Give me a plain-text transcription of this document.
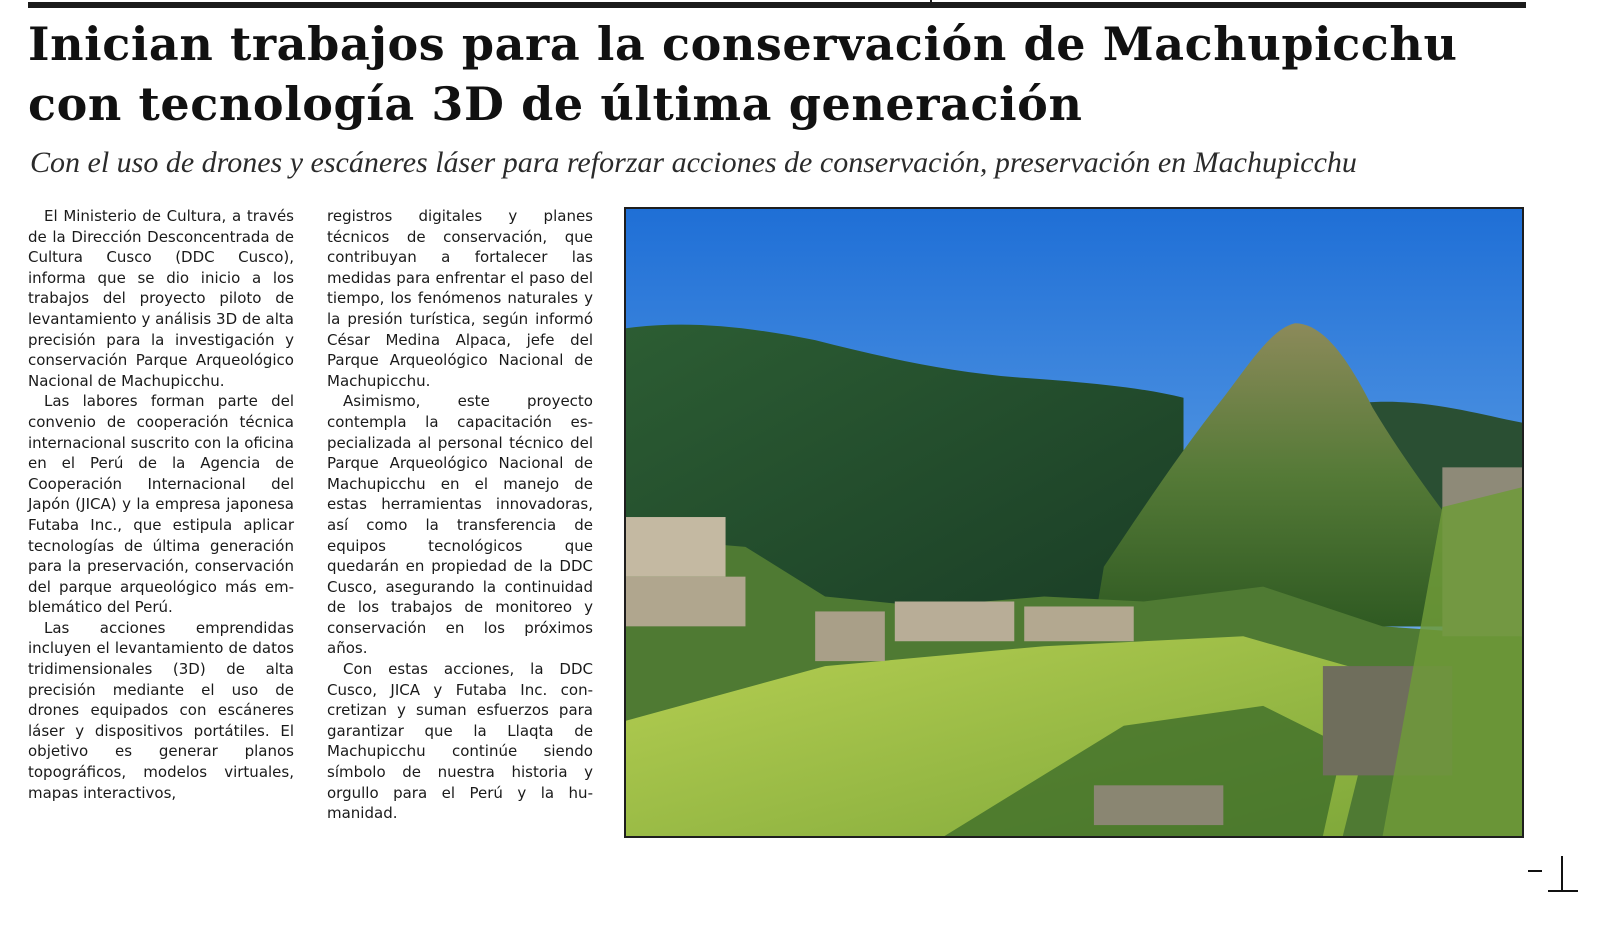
Inician trabajos para la conservación de Machupicchu con tecnología 3D de última generación

Con el uso de drones y escáneres láser para reforzar acciones de conservación, preservación en Machupicchu

El Ministerio de Cultura, a través de la Dirección Desconcentrada de Cultura Cusco (DDC Cusco), informa que se dio inicio a los trabajos del proyecto piloto de levantamiento y análisis 3D de alta precisión para la investigación y conservación Parque Arqueológico Nacional de Machupicchu.

Las labores forman parte del convenio de cooperación técnica internacional suscrito con la oficina en el Perú de la Agencia de Cooperación Internacional del Japón (JICA) y la empresa japonesa Futaba Inc., que estipula aplicar tecnologías de última generación para la preservación, conservación del parque arqueológico más emblemático del Perú.

Las acciones emprendidas incluyen el levantamiento de datos tridimensionales (3D) de alta precisión mediante el uso de drones equipados con escáneres láser y dispositivos portátiles. El objetivo es generar planos topográficos, modelos virtuales, mapas interactivos,

registros digitales y planes técnicos de conservación, que contribuyan a fortalecer las medidas para enfrentar el paso del tiempo, los fenómenos naturales y la presión turística, según informó César Medina Alpaca, jefe del Parque Arqueológico Nacional de Machupicchu.

Asimismo, este proyecto contempla la capacitación especializada al personal técnico del Parque Arqueológico Nacional de Machupicchu en el manejo de estas herramientas innovadoras, así como la transferencia de equipos tecnológicos que quedarán en propiedad de la DDC Cusco, asegurando la continuidad de los trabajos de monitoreo y conservación en los próximos años.

Con estas acciones, la DDC Cusco, JICA y Futaba Inc. concretizan y suman esfuerzos para garantizar que la Llaqta de Machupicchu continúe siendo símbolo de nuestra historia y orgullo para el Perú y la humanidad.
